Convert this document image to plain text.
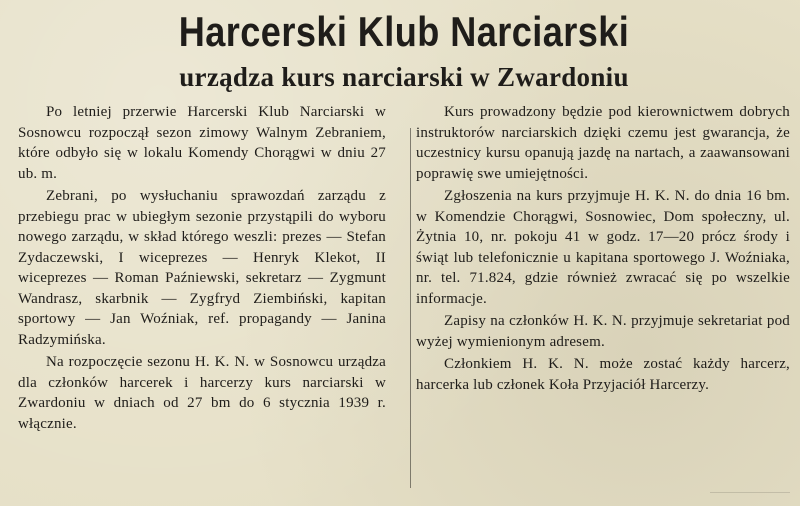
Harcerski Klub Narciarski
urządza kurs narciarski w Zwardoniu

Po letniej przerwie Harcerski Klub Narciarski w Sosnowcu rozpoczął sezon zimowy Walnym Zebraniem, które odbyło się w lokalu Komendy Chorągwi w dniu 27 ub. m.

Zebrani, po wysłuchaniu sprawozdań zarządu z przebiegu prac w ubiegłym sezonie przystąpili do wyboru nowego zarządu, w skład którego weszli: prezes — Stefan Zydaczewski, I wiceprezes — Henryk Klekot, II wiceprezes — Roman Paźniewski, sekretarz — Zygmunt Wandrasz, skarbnik — Zygfryd Ziembiński, kapitan sportowy — Jan Woźniak, ref. propagandy — Janina Radzymińska.

Na rozpoczęcie sezonu H. K. N. w Sosnowcu urządza dla członków harcerek i harcerzy kurs narciarski w Zwardoniu w dniach od 27 bm do 6 stycznia 1939 r. włącznie.

Kurs prowadzony będzie pod kierownictwem dobrych instruktorów narciarskich dzięki czemu jest gwarancja, że uczestnicy kursu opanują jazdę na nartach, a zaawansowani poprawię swe umiejętności.

Zgłoszenia na kurs przyjmuje H. K. N. do dnia 16 bm. w Komendzie Chorągwi, Sosnowiec, Dom społeczny, ul. Żytnia 10, nr. pokoju 41 w godz. 17—20 prócz środy i świąt lub telefonicznie u kapitana sportowego J. Woźniaka, nr. tel. 71.824, gdzie również zwracać się po wszelkie informacje.

Zapisy na członków H. K. N. przyjmuje sekretariat pod wyżej wymienionym adresem.

Członkiem H. K. N. może zostać każdy harcerz, harcerka lub członek Koła Przyjaciół Harcerzy.
